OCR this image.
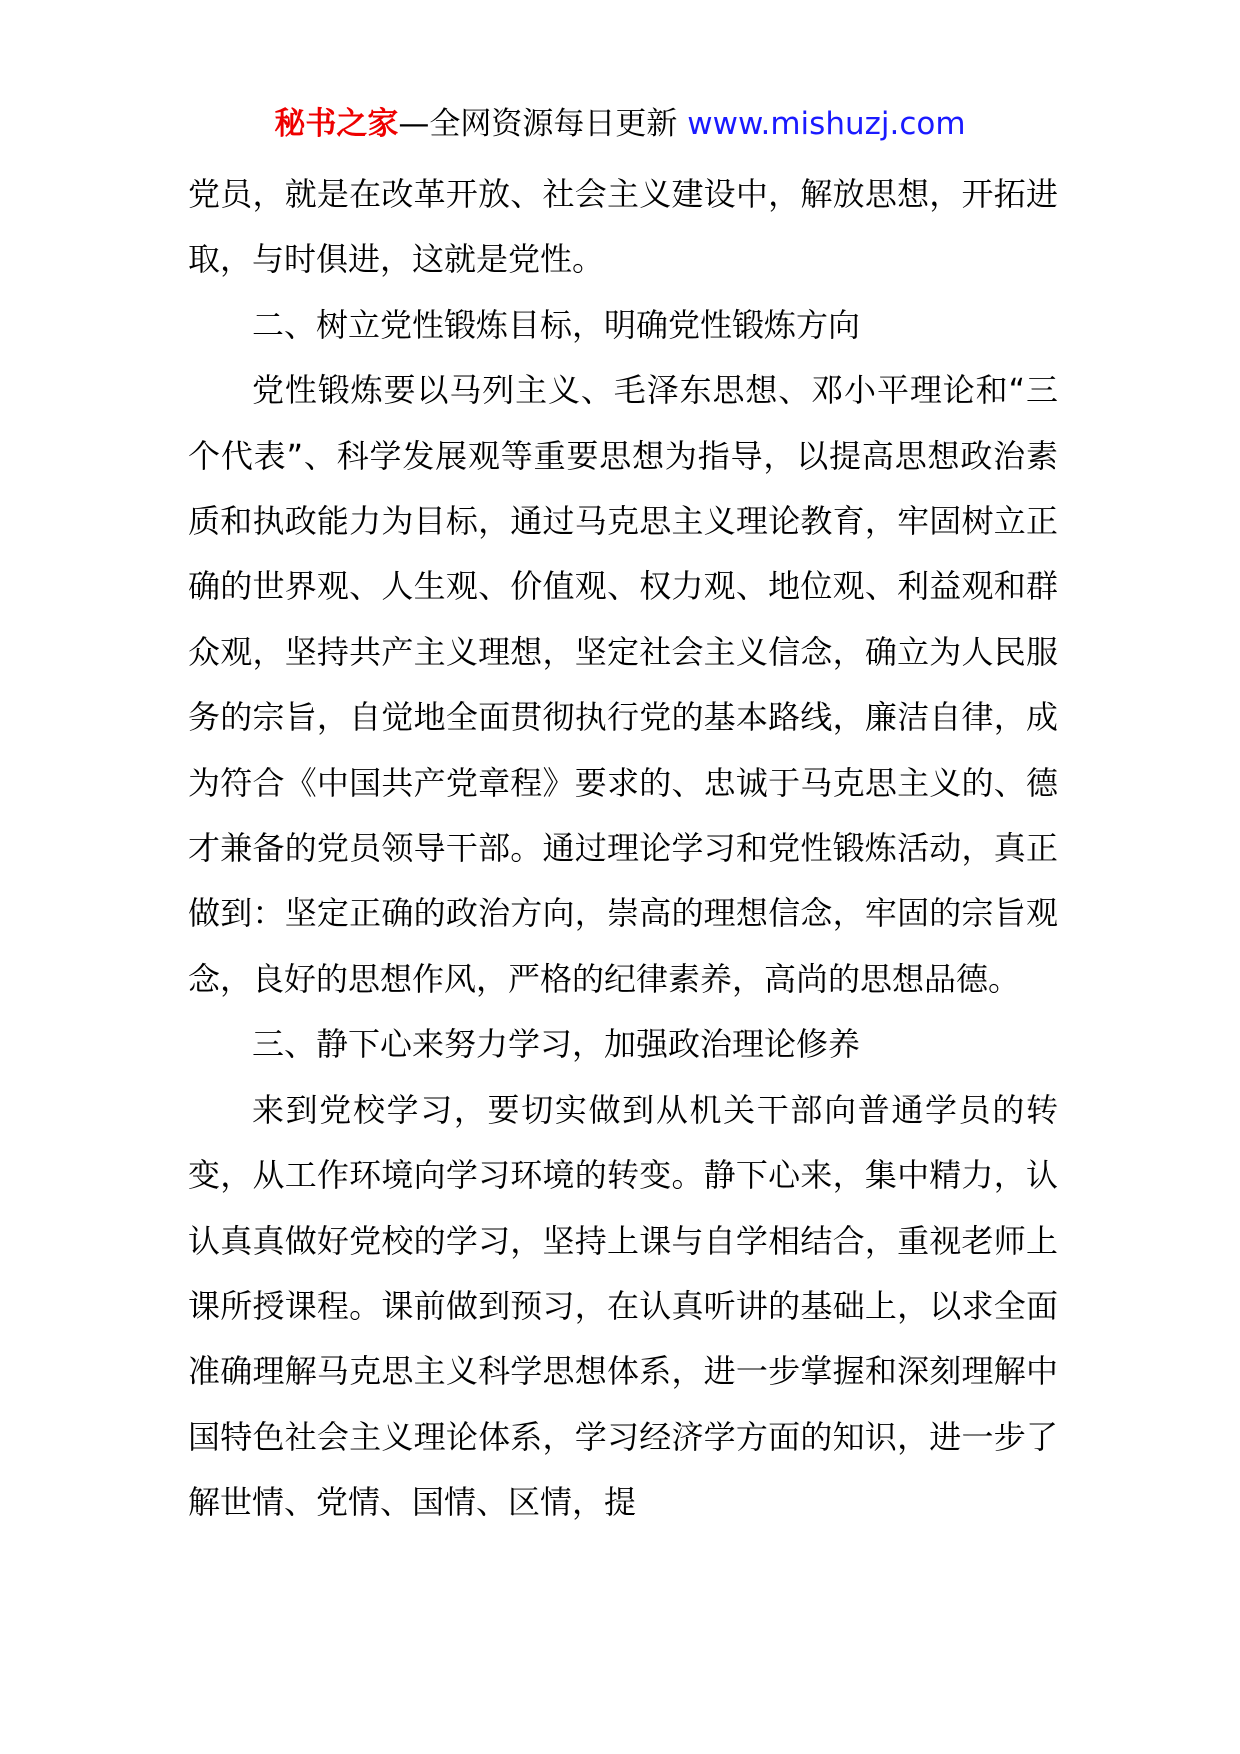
秘书之家—全网资源每日更新 www.mishuzj.com

党员，就是在改革开放、社会主义建设中，解放思想，开拓进取，与时俱进，这就是党性。

二、树立党性锻炼目标，明确党性锻炼方向

党性锻炼要以马列主义、毛泽东思想、邓小平理论和“三个代表”、科学发展观等重要思想为指导，以提高思想政治素质和执政能力为目标，通过马克思主义理论教育，牢固树立正确的世界观、人生观、价值观、权力观、地位观、利益观和群众观，坚持共产主义理想，坚定社会主义信念，确立为人民服务的宗旨，自觉地全面贯彻执行党的基本路线，廉洁自律，成为符合《中国共产党章程》要求的、忠诚于马克思主义的、德才兼备的党员领导干部。通过理论学习和党性锻炼活动，真正做到：坚定正确的政治方向，崇高的理想信念，牢固的宗旨观念，良好的思想作风，严格的纪律素养，高尚的思想品德。

三、静下心来努力学习，加强政治理论修养

来到党校学习，要切实做到从机关干部向普通学员的转变，从工作环境向学习环境的转变。静下心来，集中精力，认认真真做好党校的学习，坚持上课与自学相结合，重视老师上课所授课程。课前做到预习，在认真听讲的基础上，以求全面准确理解马克思主义科学思想体系，进一步掌握和深刻理解中国特色社会主义理论体系，学习经济学方面的知识，进一步了解世情、党情、国情、区情，提
